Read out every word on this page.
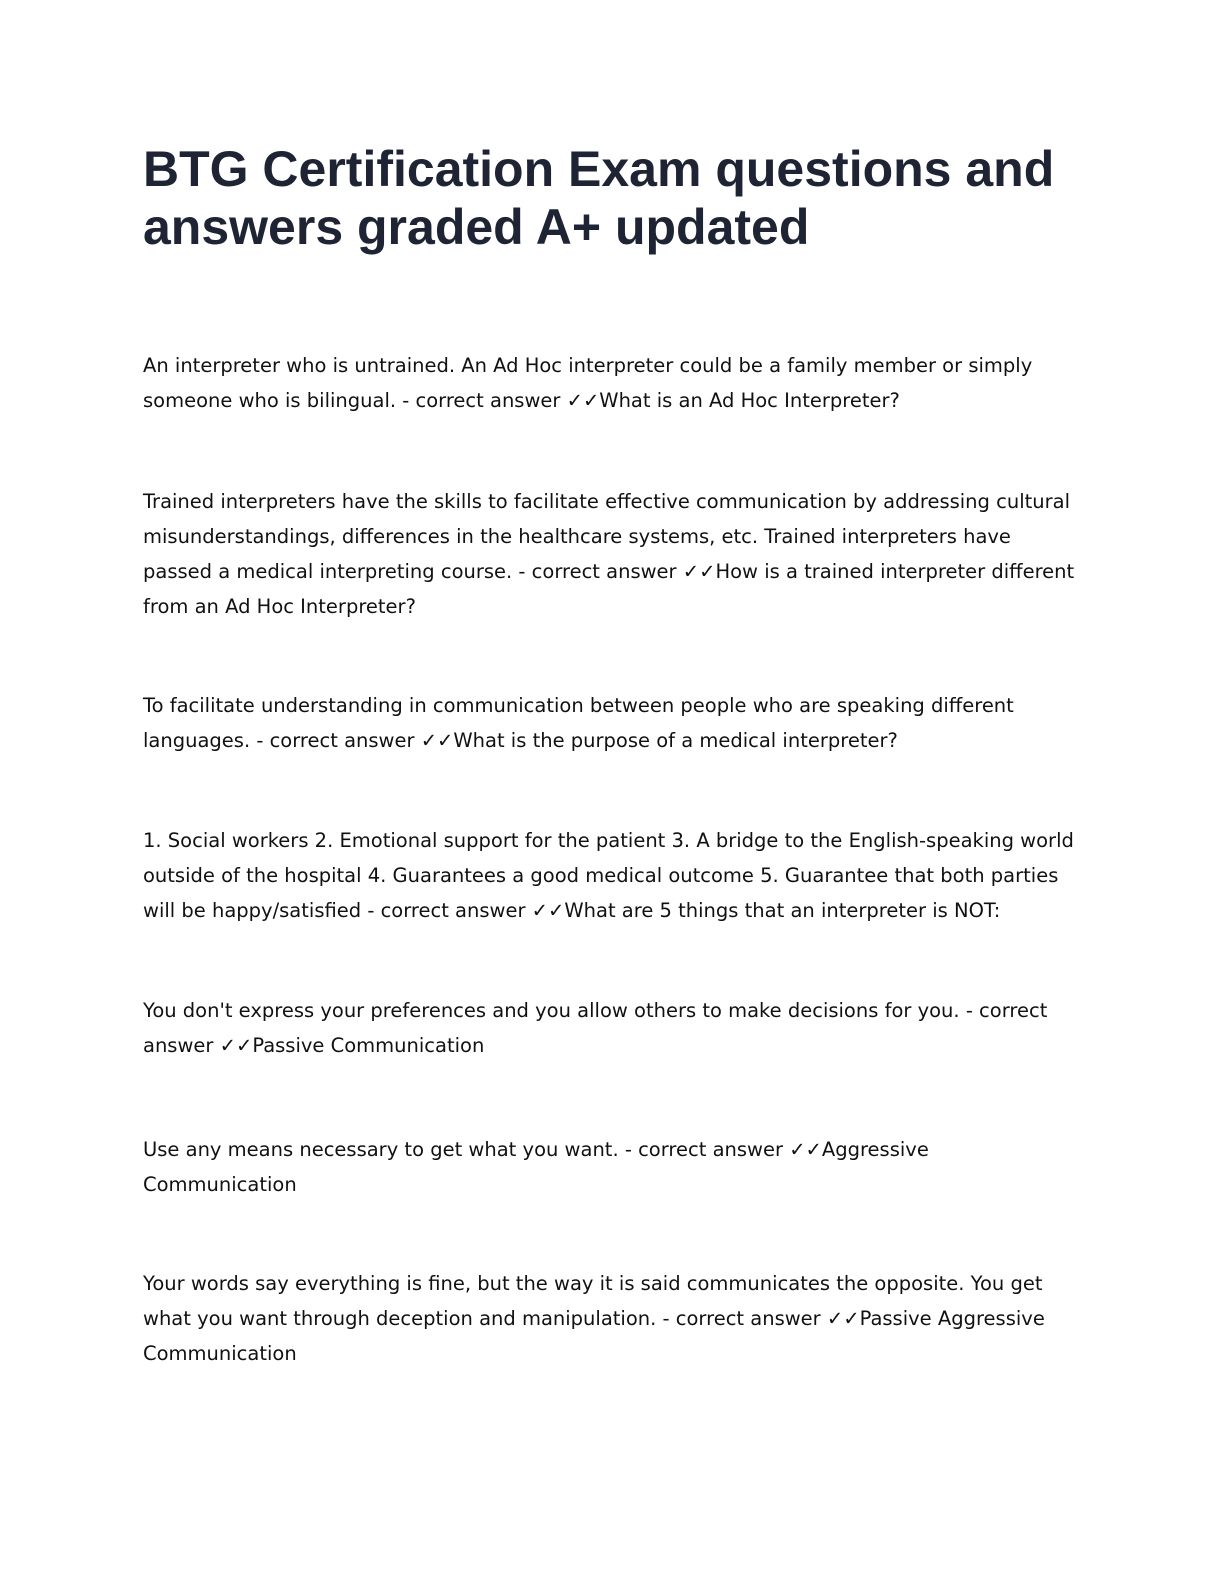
BTG Certification Exam questions and answers graded A+ updated

An interpreter who is untrained. An Ad Hoc interpreter could be a family member or simply someone who is bilingual. - correct answer ✓✓What is an Ad Hoc Interpreter?

Trained interpreters have the skills to facilitate effective communication by addressing cultural misunderstandings, differences in the healthcare systems, etc. Trained interpreters have passed a medical interpreting course. - correct answer ✓✓How is a trained interpreter different from an Ad Hoc Interpreter?

To facilitate understanding in communication between people who are speaking different languages. - correct answer ✓✓What is the purpose of a medical interpreter?

1. Social workers 2. Emotional support for the patient 3. A bridge to the English-speaking world outside of the hospital 4. Guarantees a good medical outcome 5. Guarantee that both parties will be happy/satisfied - correct answer ✓✓What are 5 things that an interpreter is NOT:

You don't express your preferences and you allow others to make decisions for you. - correct answer ✓✓Passive Communication

Use any means necessary to get what you want. - correct answer ✓✓Aggressive Communication

Your words say everything is fine, but the way it is said communicates the opposite. You get what you want through deception and manipulation. - correct answer ✓✓Passive Aggressive Communication
